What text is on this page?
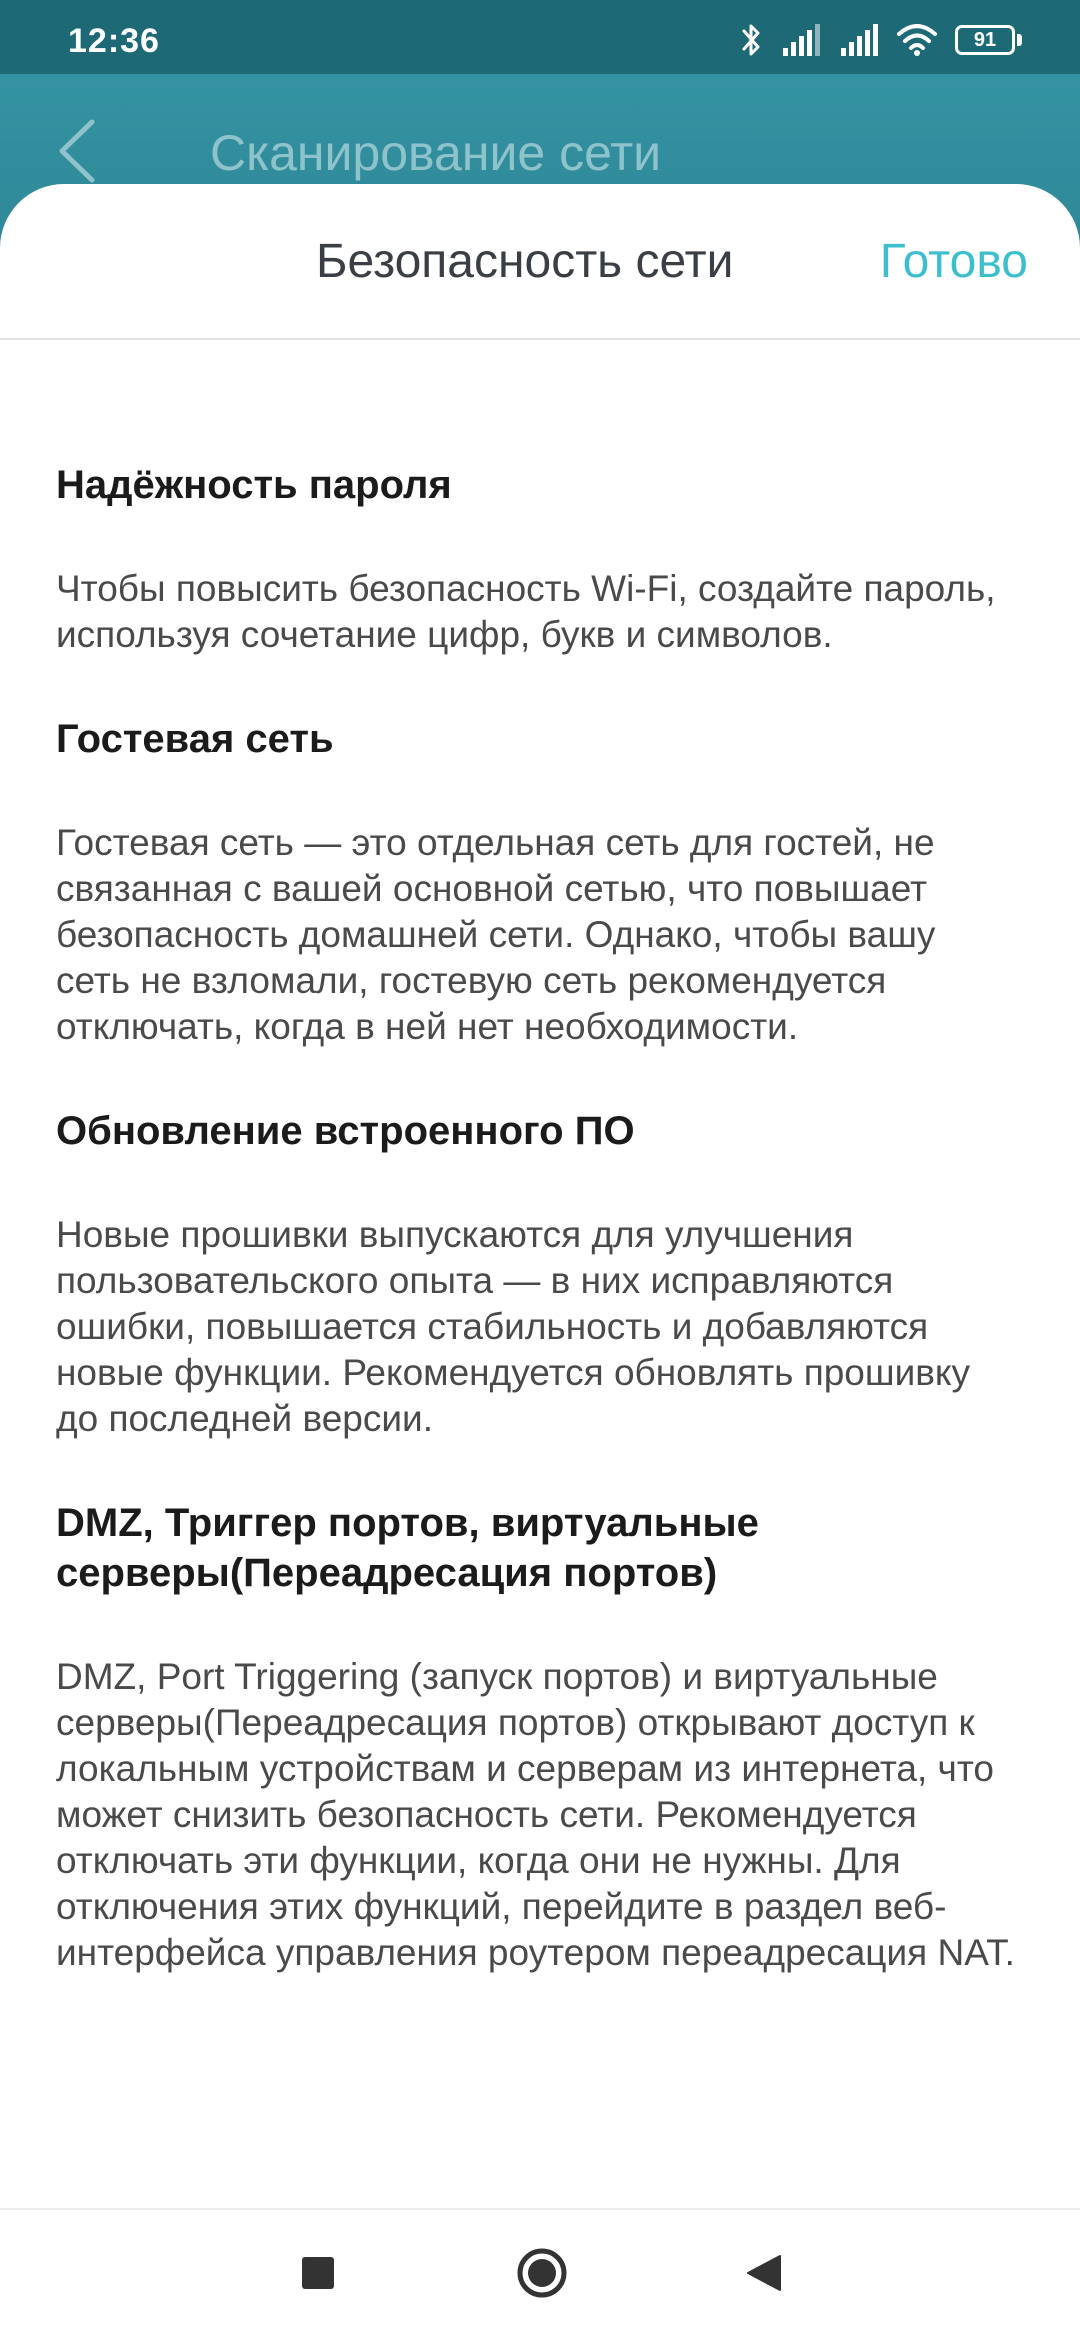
12:36	91
Сканирование сети
Безопасность сети	Готово
Надёжность пароля

Чтобы повысить безопасность Wi-Fi, создайте пароль, используя сочетание цифр, букв и символов.

Гостевая сеть

Гостевая сеть — это отдельная сеть для гостей, не связанная с вашей основной сетью, что повышает безопасность домашней сети. Однако, чтобы вашу сеть не взломали, гостевую сеть рекомендуется отключать, когда в ней нет необходимости.

Обновление встроенного ПО

Новые прошивки выпускаются для улучшения пользовательского опыта — в них исправляются ошибки, повышается стабильность и добавляются новые функции. Рекомендуется обновлять прошивку до последней версии.

DMZ, Триггер портов, виртуальные серверы(Переадресация портов)

DMZ, Port Triggering (запуск портов) и виртуальные серверы(Переадресация портов) открывают доступ к локальным устройствам и серверам из интернета, что может снизить безопасность сети. Рекомендуется отключать эти функции, когда они не нужны. Для отключения этих функций, перейдите в раздел веб-интерфейса управления роутером переадресация NAT.
